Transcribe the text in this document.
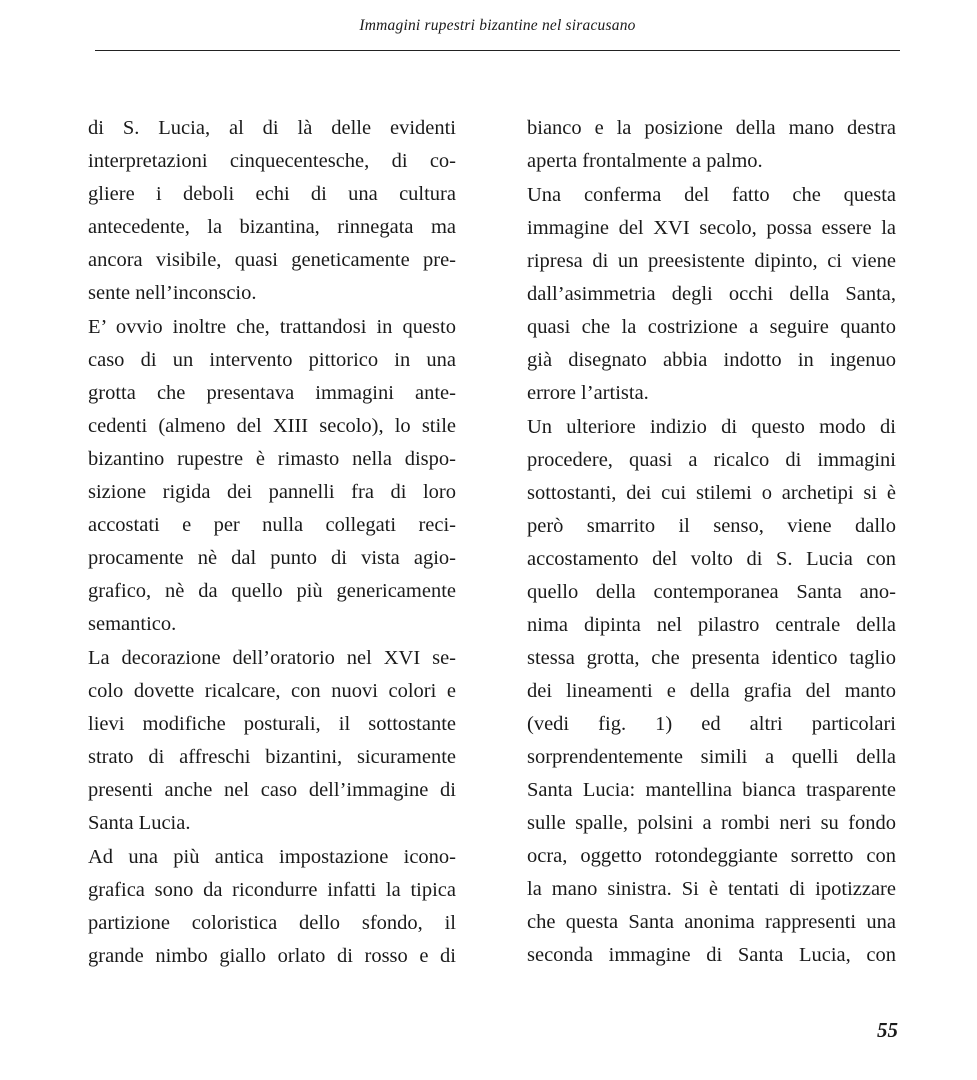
Immagini rupestri bizantine nel siracusano

di S. Lucia, al di là delle evidenti
interpretazioni cinquecentesche, di co-
gliere i deboli echi di una cultura
antecedente, la bizantina, rinnegata ma
ancora visibile, quasi geneticamente pre-
sente nell’inconscio.

E’ ovvio inoltre che, trattandosi in questo
caso di un intervento pittorico in una
grotta che presentava immagini ante-
cedenti (almeno del XIII secolo), lo stile
bizantino rupestre è rimasto nella dispo-
sizione rigida dei pannelli fra di loro
accostati e per nulla collegati reci-
procamente nè dal punto di vista agio-
grafico, nè da quello più genericamente
semantico.

La decorazione dell’oratorio nel XVI se-
colo dovette ricalcare, con nuovi colori e
lievi modifiche posturali, il sottostante
strato di affreschi bizantini, sicuramente
presenti anche nel caso dell’immagine di
Santa Lucia.

Ad una più antica impostazione icono-
grafica sono da ricondurre infatti la tipica
partizione coloristica dello sfondo, il
grande nimbo giallo orlato di rosso e di

bianco e la posizione della mano destra
aperta frontalmente a palmo.

Una conferma del fatto che questa
immagine del XVI secolo, possa essere la
ripresa di un preesistente dipinto, ci viene
dall’asimmetria degli occhi della Santa,
quasi che la costrizione a seguire quanto
già disegnato abbia indotto in ingenuo
errore l’artista.

Un ulteriore indizio di questo modo di
procedere, quasi a ricalco di immagini
sottostanti, dei cui stilemi o archetipi si è
però smarrito il senso, viene dallo
accostamento del volto di S. Lucia con
quello della contemporanea Santa ano-
nima dipinta nel pilastro centrale della
stessa grotta, che presenta identico taglio
dei lineamenti e della grafia del manto
(vedi fig. 1) ed altri particolari
sorprendentemente simili a quelli della
Santa Lucia: mantellina bianca trasparente
sulle spalle, polsini a rombi neri su fondo
ocra, oggetto rotondeggiante sorretto con
la mano sinistra. Si è tentati di ipotizzare
che questa Santa anonima rappresenti una
seconda immagine di Santa Lucia, con

55
